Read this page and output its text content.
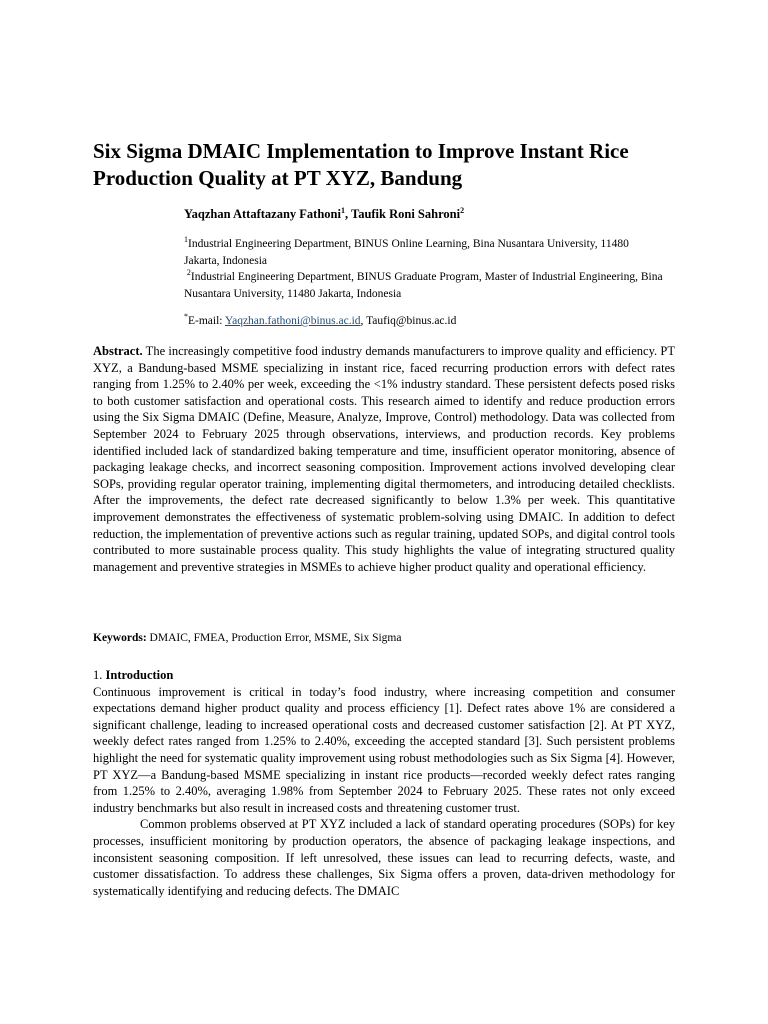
Six Sigma DMAIC Implementation to Improve Instant Rice Production Quality at PT XYZ, Bandung
Yaqzhan Attaftazany Fathoni$^1$, Taufik Roni Sahroni$^2$

$^1$Industrial Engineering Department, BINUS Online Learning, Bina Nusantara University, 11480 Jakarta, Indonesia

$^2$Industrial Engineering Department, BINUS Graduate Program, Master of Industrial Engineering, Bina Nusantara University, 11480 Jakarta, Indonesia

*E-mail: Yaqzhan.fathoni@binus.ac.id, Taufiq@binus.ac.id

Abstract. The increasingly competitive food industry demands manufacturers to improve quality and efficiency. PT XYZ, a Bandung-based MSME specializing in instant rice, faced recurring production errors with defect rates ranging from 1.25% to 2.40% per week, exceeding the <1% industry standard. These persistent defects posed risks to both customer satisfaction and operational costs. This research aimed to identify and reduce production errors using the Six Sigma DMAIC (Define, Measure, Analyze, Improve, Control) methodology. Data was collected from September 2024 to February 2025 through observations, interviews, and production records. Key problems identified included lack of standardized baking temperature and time, insufficient operator monitoring, absence of packaging leakage checks, and incorrect seasoning composition. Improvement actions involved developing clear SOPs, providing regular operator training, implementing digital thermometers, and introducing detailed checklists. After the improvements, the defect rate decreased significantly to below 1.3% per week. This quantitative improvement demonstrates the effectiveness of systematic problem-solving using DMAIC. In addition to defect reduction, the implementation of preventive actions such as regular training, updated SOPs, and digital control tools contributed to more sustainable process quality. This study highlights the value of integrating structured quality management and preventive strategies in MSMEs to achieve higher product quality and operational efficiency.

Keywords: DMAIC, FMEA, Production Error, MSME, Six Sigma

1. Introduction

Continuous improvement is critical in today’s food industry, where increasing competition and consumer expectations demand higher product quality and process efficiency [1]. Defect rates above 1% are considered a significant challenge, leading to increased operational costs and decreased customer satisfaction [2]. At PT XYZ, weekly defect rates ranged from 1.25% to 2.40%, exceeding the accepted standard [3]. Such persistent problems highlight the need for systematic quality improvement using robust methodologies such as Six Sigma [4]. However, PT XYZ—a Bandung-based MSME specializing in instant rice products—recorded weekly defect rates ranging from 1.25% to 2.40%, averaging 1.98% from September 2024 to February 2025. These rates not only exceed industry benchmarks but also result in increased costs and threatening customer trust.

Common problems observed at PT XYZ included a lack of standard operating procedures (SOPs) for key processes, insufficient monitoring by production operators, the absence of packaging leakage inspections, and inconsistent seasoning composition. If left unresolved, these issues can lead to recurring defects, waste, and customer dissatisfaction. To address these challenges, Six Sigma offers a proven, data-driven methodology for systematically identifying and reducing defects. The DMAIC
